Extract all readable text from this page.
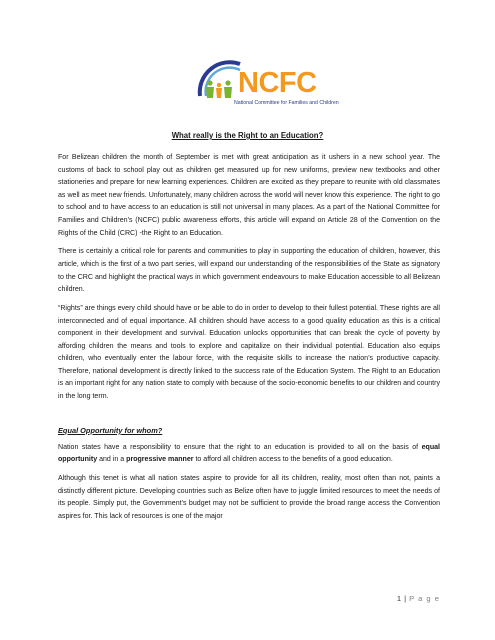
NCFC
National Committee for Families and Children
What really is the Right to an Education?

For Belizean children the month of September is met with great anticipation as it ushers in a new school year. The customs of back to school play out as children get measured up for new uniforms, preview new textbooks and other stationeries and prepare for new learning experiences. Children are excited as they prepare to reunite with old classmates as well as meet new friends. Unfortunately, many children across the world will never know this experience. The right to go to school and to have access to an education is still not universal in many places. As a part of the National Committee for Families and Children’s (NCFC) public awareness efforts, this article will expand on Article 28 of the Convention on the Rights of the Child (CRC) -the Right to an Education.

There is certainly a critical role for parents and communities to play in supporting the education of children, however, this article, which is the first of a two part series, will expand our understanding of the responsibilities of the State as signatory to the CRC and highlight the practical ways in which government endeavours to make Education accessible to all Belizean children.

“Rights” are things every child should have or be able to do in order to develop to their fullest potential. These rights are all interconnected and of equal importance. All children should have access to a good quality education as this is a critical component in their development and survival. Education unlocks opportunities that can break the cycle of poverty by affording children the means and tools to explore and capitalize on their individual potential. Education also equips children, who eventually enter the labour force, with the requisite skills to increase the nation’s productive capacity. Therefore, national development is directly linked to the success rate of the Education System. The Right to an Education is an important right for any nation state to comply with because of the socio-economic benefits to our children and country in the long term.

Equal Opportunity for whom?

Nation states have a responsibility to ensure that the right to an education is provided to all on the basis of equal opportunity and in a progressive manner to afford all children access to the benefits of a good education.

Although this tenet is what all nation states aspire to provide for all its children, reality, most often than not, paints a distinctly different picture. Developing countries such as Belize often have to juggle limited resources to meet the needs of its people. Simply put, the Government’s budget may not be sufficient to provide the broad range access the Convention aspires for. This lack of resources is one of the major

1 | P a g e
